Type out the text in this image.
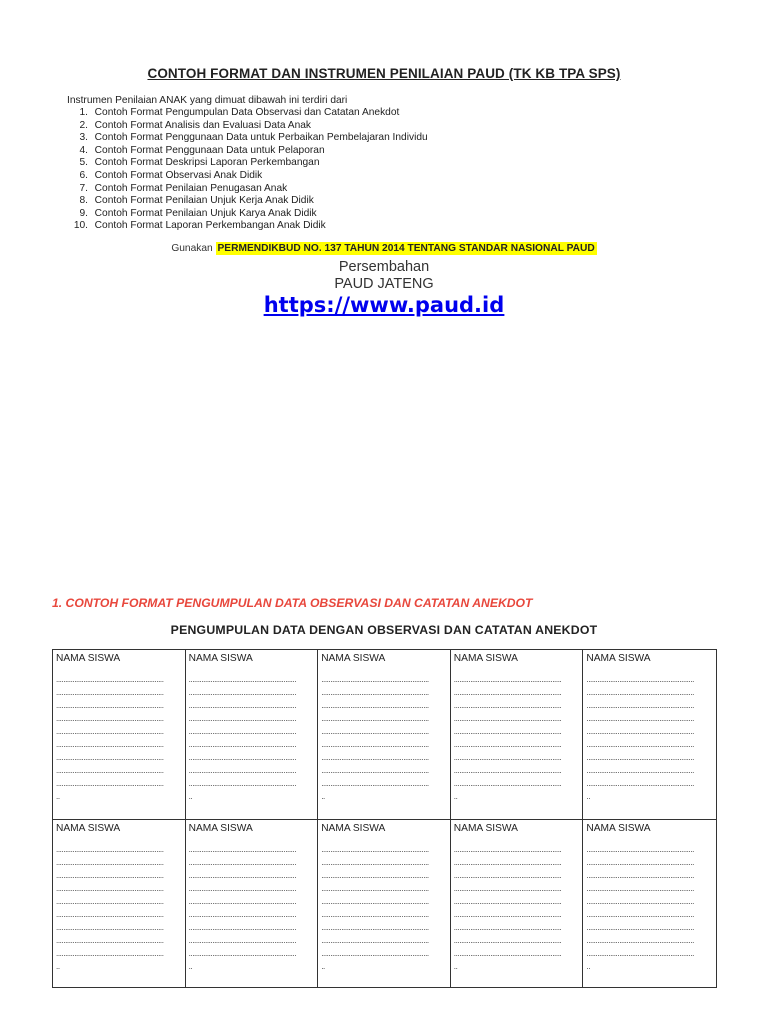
CONTOH FORMAT DAN INSTRUMEN PENILAIAN PAUD (TK KB TPA SPS)
Instrumen Penilaian ANAK yang dimuat dibawah ini terdiri dari
1.
Contoh Format Pengumpulan Data Observasi dan Catatan Anekdot
2.
Contoh Format Analisis dan Evaluasi Data Anak
3.
Contoh Format Penggunaan Data untuk Perbaikan Pembelajaran Individu
4.
Contoh Format Penggunaan Data untuk Pelaporan
5.
Contoh Format Deskripsi Laporan Perkembangan
6.
Contoh Format Observasi Anak Didik
7.
Contoh Format Penilaian Penugasan Anak
8.
Contoh Format Penilaian Unjuk Kerja Anak Didik
9.
Contoh Format Penilaian Unjuk Karya Anak Didik
10.
Contoh Format Laporan Perkembangan Anak Didik
Gunakan PERMENDIKBUD NO. 137 TAHUN 2014 TENTANG STANDAR NASIONAL PAUD
Persembahan
PAUD JATENG
https://www.paud.id
1. CONTOH FORMAT PENGUMPULAN DATA OBSERVASI DAN CATATAN ANEKDOT
PENGUMPULAN DATA DENGAN OBSERVASI DAN CATATAN ANEKDOT
NAMA SISWA
...........................................................
...........................................................
...........................................................
...........................................................
...........................................................
...........................................................
...........................................................
...........................................................
...........................................................
..
NAMA SISWA
...........................................................
...........................................................
...........................................................
...........................................................
...........................................................
...........................................................
...........................................................
...........................................................
...........................................................
..
NAMA SISWA
...........................................................
...........................................................
...........................................................
...........................................................
...........................................................
...........................................................
...........................................................
...........................................................
...........................................................
..
NAMA SISWA
...........................................................
...........................................................
...........................................................
...........................................................
...........................................................
...........................................................
...........................................................
...........................................................
...........................................................
..
NAMA SISWA
...........................................................
...........................................................
...........................................................
...........................................................
...........................................................
...........................................................
...........................................................
...........................................................
...........................................................
..
NAMA SISWA
...........................................................
...........................................................
...........................................................
...........................................................
...........................................................
...........................................................
...........................................................
...........................................................
...........................................................
..
NAMA SISWA
...........................................................
...........................................................
...........................................................
...........................................................
...........................................................
...........................................................
...........................................................
...........................................................
...........................................................
..
NAMA SISWA
...........................................................
...........................................................
...........................................................
...........................................................
...........................................................
...........................................................
...........................................................
...........................................................
...........................................................
..
NAMA SISWA
...........................................................
...........................................................
...........................................................
...........................................................
...........................................................
...........................................................
...........................................................
...........................................................
...........................................................
..
NAMA SISWA
...........................................................
...........................................................
...........................................................
...........................................................
...........................................................
...........................................................
...........................................................
...........................................................
...........................................................
..
